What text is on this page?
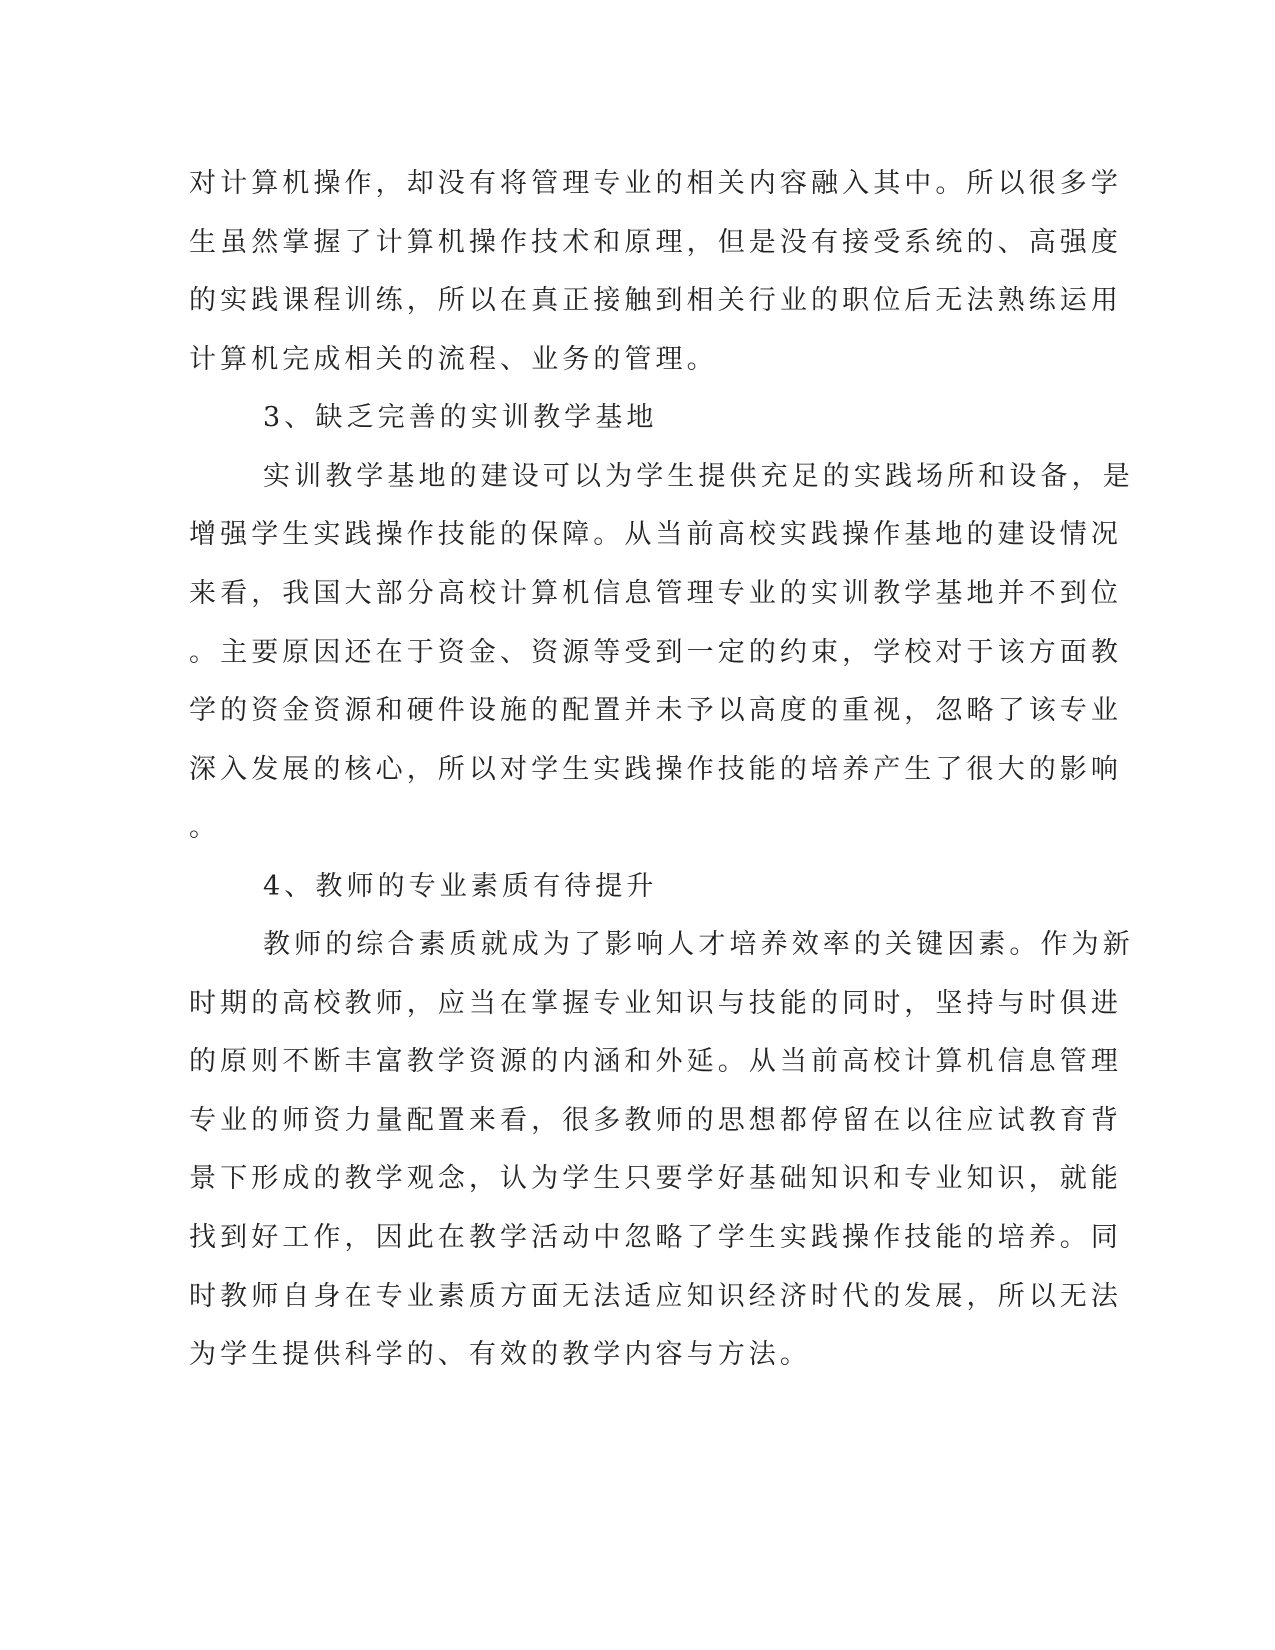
对计算机操作，却没有将管理专业的相关内容融入其中。所以很多学
生虽然掌握了计算机操作技术和原理，但是没有接受系统的、高强度
的实践课程训练，所以在真正接触到相关行业的职位后无法熟练运用
计算机完成相关的流程、业务的管理。
3、缺乏完善的实训教学基地
实训教学基地的建设可以为学生提供充足的实践场所和设备，是
增强学生实践操作技能的保障。从当前高校实践操作基地的建设情况
来看，我国大部分高校计算机信息管理专业的实训教学基地并不到位
。主要原因还在于资金、资源等受到一定的约束，学校对于该方面教
学的资金资源和硬件设施的配置并未予以高度的重视，忽略了该专业
深入发展的核心，所以对学生实践操作技能的培养产生了很大的影响
。
4、教师的专业素质有待提升
教师的综合素质就成为了影响人才培养效率的关键因素。作为新
时期的高校教师，应当在掌握专业知识与技能的同时，坚持与时俱进
的原则不断丰富教学资源的内涵和外延。从当前高校计算机信息管理
专业的师资力量配置来看，很多教师的思想都停留在以往应试教育背
景下形成的教学观念，认为学生只要学好基础知识和专业知识，就能
找到好工作，因此在教学活动中忽略了学生实践操作技能的培养。同
时教师自身在专业素质方面无法适应知识经济时代的发展，所以无法
为学生提供科学的、有效的教学内容与方法。
